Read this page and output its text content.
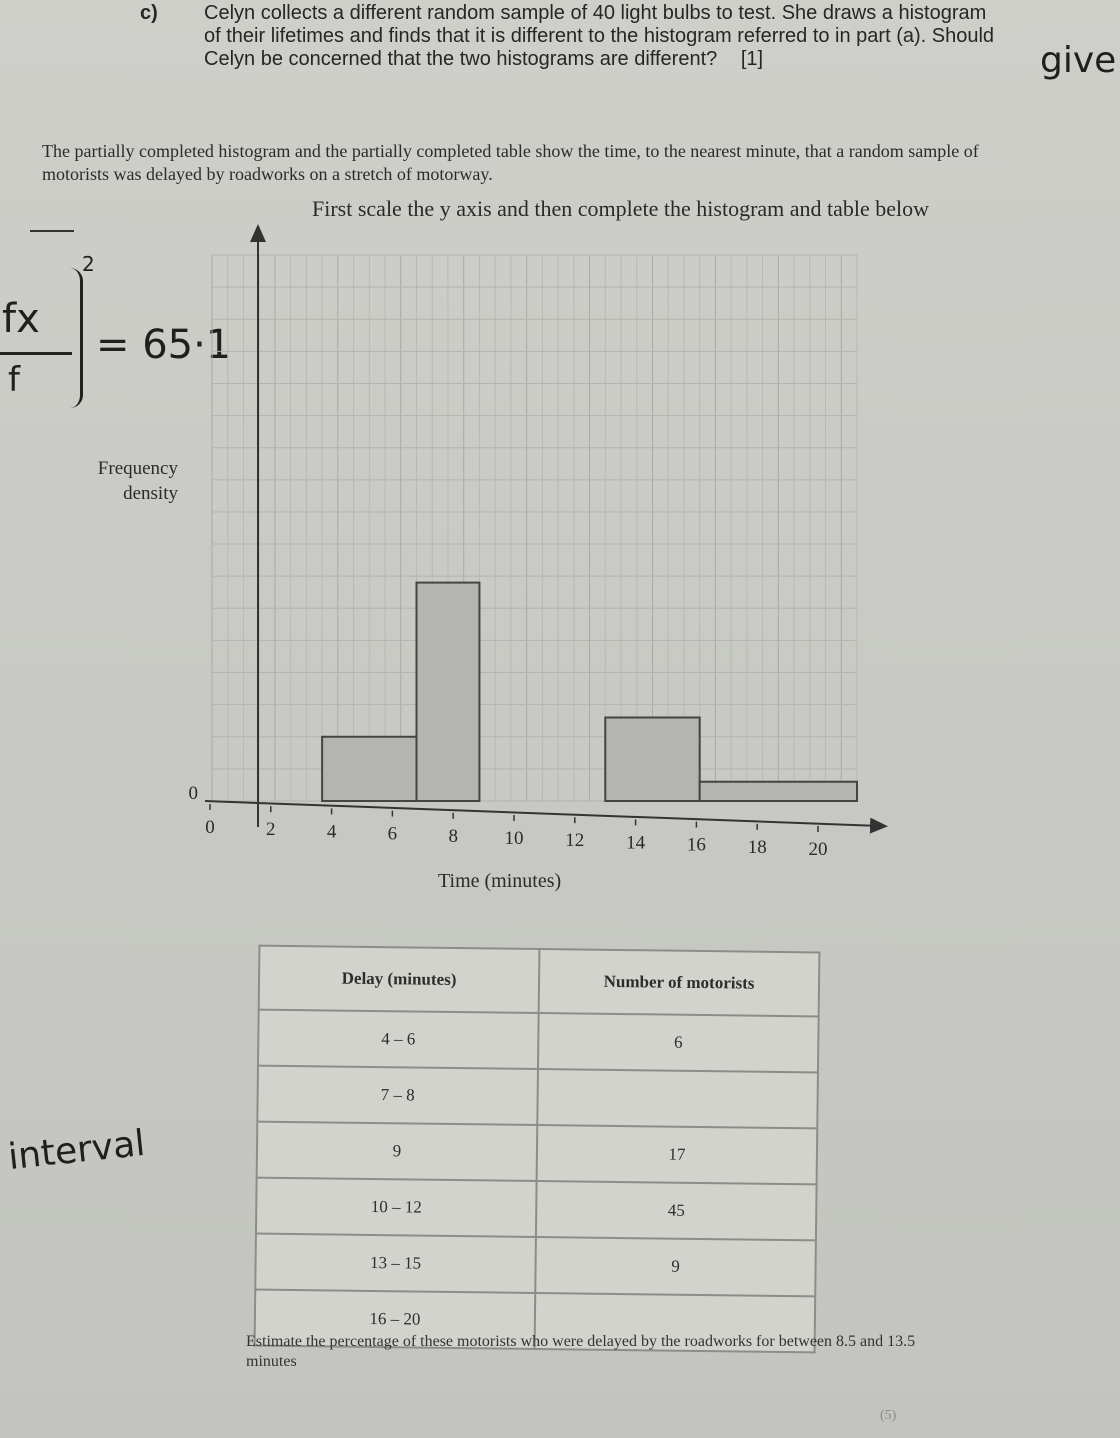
c) Celyn collects a different random sample of 40 light bulbs to test. She draws a histogram of their lifetimes and finds that it is different to the histogram referred to in part (a). Should Celyn be concerned that the two histograms are different? [1]
The partially completed histogram and the partially completed table show the time, to the nearest minute, that a random sample of motorists was delayed by roadworks on a stretch of motorway.
First scale the y axis and then complete the histogram and table below
fx
f
2
= 65·1
give
interval
Frequency density
0	2	4	6	8 10 12 14 16 18 20
0
Time (minutes)
Delay (minutes)	Number of motorists
4 – 6	6
7 – 8	
9	17
10 – 12	45
13 – 15	9
16 – 20	
Estimate the percentage of these motorists who were delayed by the roadworks for between 8.5 and 13.5 minutes
(5)
